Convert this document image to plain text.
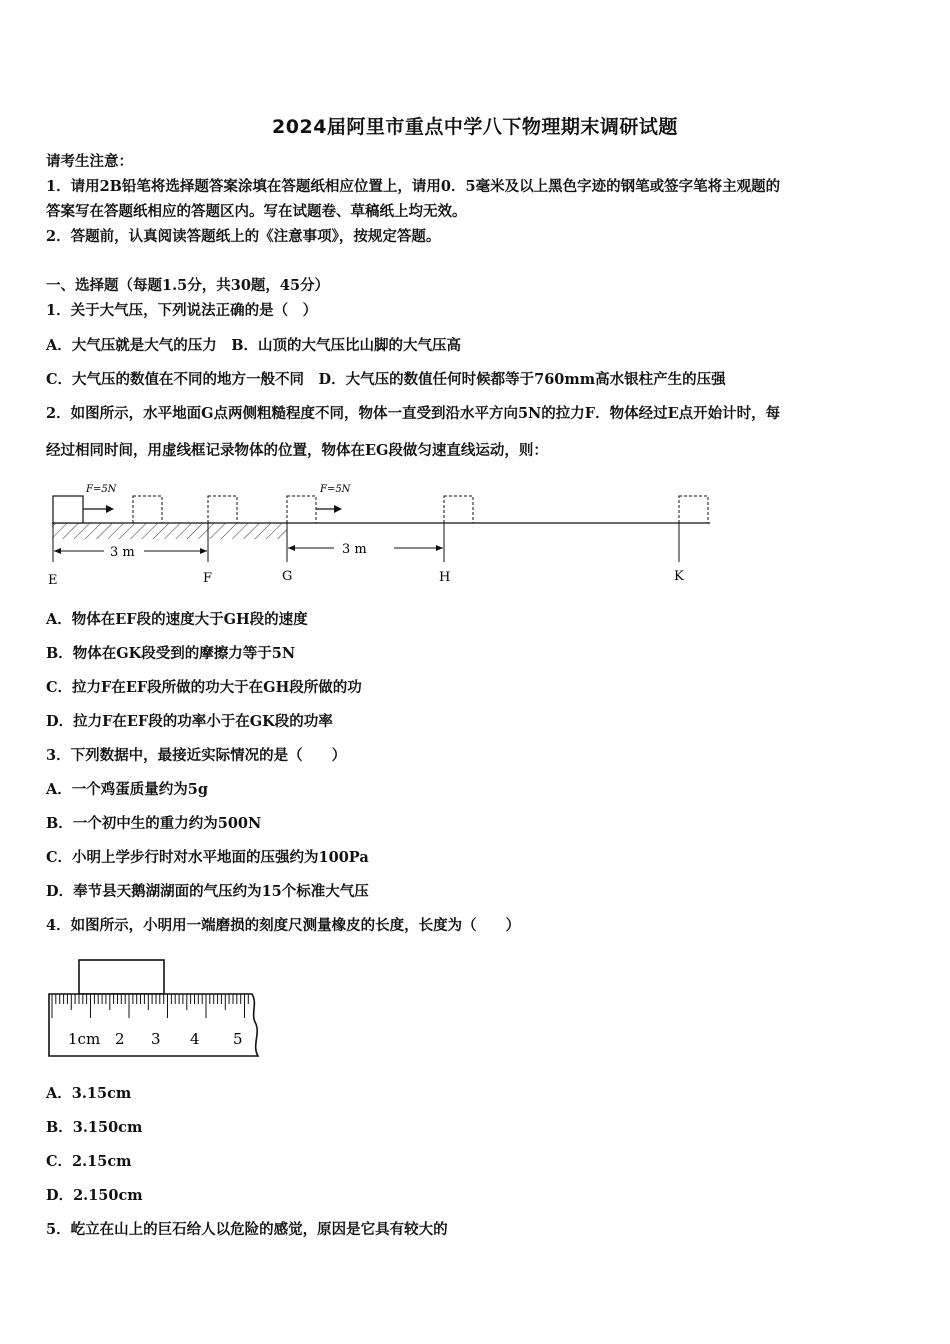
2024届阿里市重点中学八下物理期末调研试题
请考生注意：
1．请用2B铅笔将选择题答案涂填在答题纸相应位置上，请用0．5毫米及以上黑色字迹的钢笔或签字笔将主观题的
答案写在答题纸相应的答题区内。写在试题卷、草稿纸上均无效。
2．答题前，认真阅读答题纸上的《注意事项》，按规定答题。
一、选择题（每题1.5分，共30题，45分）
1．关于大气压，下列说法正确的是（　）
A．大气压就是大气的压力　B．山顶的大气压比山脚的大气压高
C．大气压的数值在不同的地方一般不同　D．大气压的数值任何时候都等于760mm高水银柱产生的压强
2．如图所示，水平地面G点两侧粗糙程度不同，物体一直受到沿水平方向5N的拉力F．物体经过E点开始计时，每
经过相同时间，用虚线框记录物体的位置，物体在EG段做匀速直线运动，则：
F=5N	F=5N
3 m	3 m
E	F	G	H	K
A．物体在EF段的速度大于GH段的速度
B．物体在GK段受到的摩擦力等于5N
C．拉力F在EF段所做的功大于在GH段所做的功
D．拉力F在EF段的功率小于在GK段的功率
3．下列数据中，最接近实际情况的是（　　）
A．一个鸡蛋质量约为5g
B．一个初中生的重力约为500N
C．小明上学步行时对水平地面的压强约为100Pa
D．奉节县天鹅湖湖面的气压约为15个标准大气压
4．如图所示，小明用一端磨损的刻度尺测量橡皮的长度，长度为（　　）
1cm 2 3 4 5
A．3.15cm
B．3.150cm
C．2.15cm
D．2.150cm
5．屹立在山上的巨石给人以危险的感觉，原因是它具有较大的
